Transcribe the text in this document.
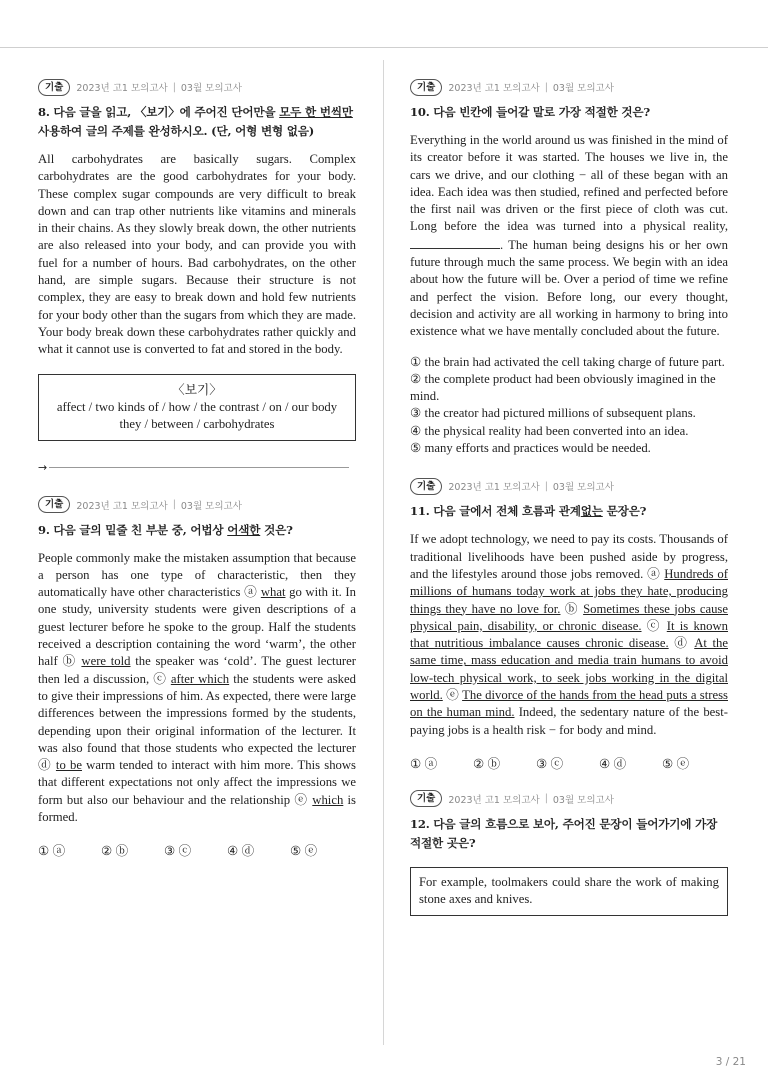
기출	2023년 고1 모의고사 | 03월 모의고사
8. 다음 글을 읽고, 〈보기〉에 주어진 단어만을 모두 한 번씩만 사용하여 글의 주제를 완성하시오. (단, 어형 변형 없음)

All carbohydrates are basically sugars. Complex carbohydrates are the good carbohydrates for your body. These complex sugar compounds are very difficult to break down and can trap other nutrients like vitamins and minerals in their chains. As they slowly break down, the other nutrients are also released into your body, and can provide you with fuel for a number of hours. Bad carbohydrates, on the other hand, are simple sugars. Because their structure is not complex, they are easy to break down and hold few nutrients for your body other than the sugars from which they are made. Your body break down these carbohydrates rather quickly and what it cannot use is converted to fat and stored in the body.

〈보기〉
affect / two kinds of / how / the contrast / on / our body they / between / carbohydrates
→
기출	2023년 고1 모의고사 | 03월 모의고사
9. 다음 글의 밑줄 친 부분 중, 어법상 어색한 것은?

People commonly make the mistaken assumption that because a person has one type of characteristic, then they automatically have other characteristics ⓐ what go with it. In one study, university students were given descriptions of a guest lecturer before he spoke to the group. Half the students received a description containing the word ‘warm’, the other half ⓑ were told the speaker was ‘cold’. The guest lecturer then led a discussion, ⓒ after which the students were asked to give their impressions of him. As expected, there were large differences between the impressions formed by the students, depending upon their original information of the lecturer. It was also found that those students who expected the lecturer ⓓ to be warm tended to interact with him more. This shows that different expectations not only affect the impressions we form but also our behaviour and the relationship ⓔ which is formed.

① ⓐ	② ⓑ	③ ⓒ	④ ⓓ	⑤ ⓔ
기출	2023년 고1 모의고사 | 03월 모의고사
10. 다음 빈칸에 들어갈 말로 가장 적절한 것은?

Everything in the world around us was finished in the mind of its creator before it was started. The houses we live in, the cars we drive, and our clothing − all of these began with an idea. Each idea was then studied, refined and perfected before the first nail was driven or the first piece of cloth was cut. Long before the idea was turned into a physical reality, . The human being designs his or her own future through much the same process. We begin with an idea about how the future will be. Over a period of time we refine and perfect the vision. Before long, our every thought, decision and activity are all working in harmony to bring into existence what we have mentally concluded about the future.

① the brain had activated the cell taking charge of future part.
② the complete product had been obviously imagined in the mind.
③ the creator had pictured millions of subsequent plans.
④ the physical reality had been converted into an idea.
⑤ many efforts and practices would be needed.
기출	2023년 고1 모의고사 | 03월 모의고사
11. 다음 글에서 전체 흐름과 관계없는 문장은?

If we adopt technology, we need to pay its costs. Thousands of traditional livelihoods have been pushed aside by progress, and the lifestyles around those jobs removed. ⓐ Hundreds of millions of humans today work at jobs they hate, producing things they have no love for. ⓑ Sometimes these jobs cause physical pain, disability, or chronic disease. ⓒ It is known that nutritious imbalance causes chronic disease. ⓓ At the same time, mass education and media train humans to avoid low-tech physical work, to seek jobs working in the digital world. ⓔ The divorce of the hands from the head puts a stress on the human mind. Indeed, the sedentary nature of the best-paying jobs is a health risk − for body and mind.

① ⓐ	② ⓑ	③ ⓒ	④ ⓓ	⑤ ⓔ
기출	2023년 고1 모의고사 | 03월 모의고사
12. 다음 글의 흐름으로 보아, 주어진 문장이 들어가기에 가장 적절한 곳은?
For example, toolmakers could share the work of making stone axes and knives.
3 / 21
